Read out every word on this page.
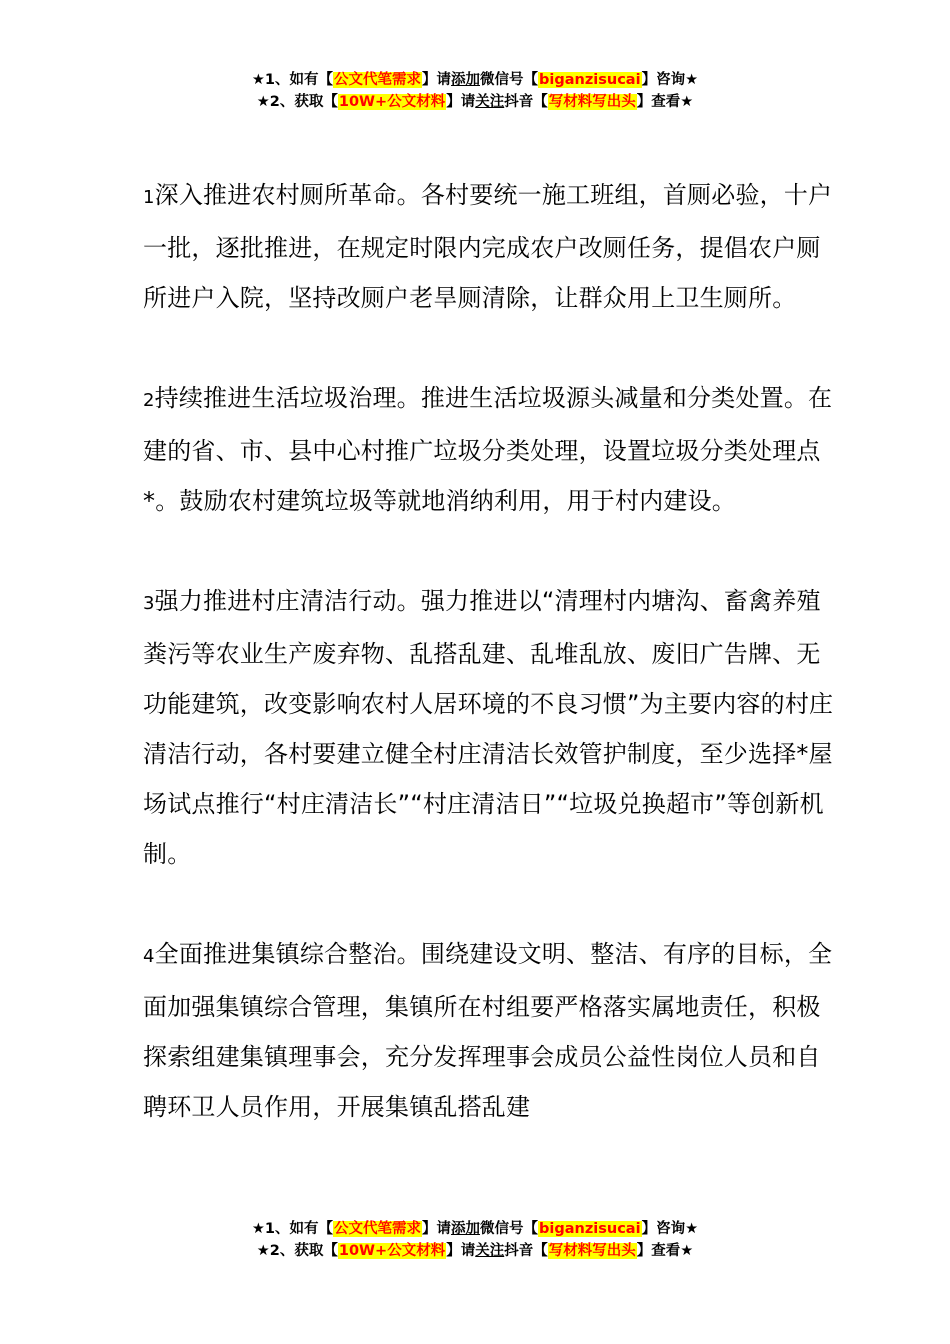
★1、如有【公文代笔需求】请添加微信号【biganzisucai】咨询★
★2、获取【10W+公文材料】请关注抖音【写材料写出头】查看★

1深入推进农村厕所革命。各村要统一施工班组，首厕必验，十户一批，逐批推进，在规定时限内完成农户改厕任务，提倡农户厕所进户入院，坚持改厕户老旱厕清除，让群众用上卫生厕所。

2持续推进生活垃圾治理。推进生活垃圾源头减量和分类处置。在建的省、市、县中心村推广垃圾分类处理，设置垃圾分类处理点*。鼓励农村建筑垃圾等就地消纳利用，用于村内建设。

3强力推进村庄清洁行动。强力推进以“清理村内塘沟、畜禽养殖粪污等农业生产废弃物、乱搭乱建、乱堆乱放、废旧广告牌、无功能建筑，改变影响农村人居环境的不良习惯”为主要内容的村庄清洁行动，各村要建立健全村庄清洁长效管护制度，至少选择*屋场试点推行“村庄清洁长”“村庄清洁日”“垃圾兑换超市”等创新机制。

4全面推进集镇综合整治。围绕建设文明、整洁、有序的目标，全面加强集镇综合管理，集镇所在村组要严格落实属地责任，积极探索组建集镇理事会，充分发挥理事会成员公益性岗位人员和自聘环卫人员作用，开展集镇乱搭乱建

★1、如有【公文代笔需求】请添加微信号【biganzisucai】咨询★
★2、获取【10W+公文材料】请关注抖音【写材料写出头】查看★
